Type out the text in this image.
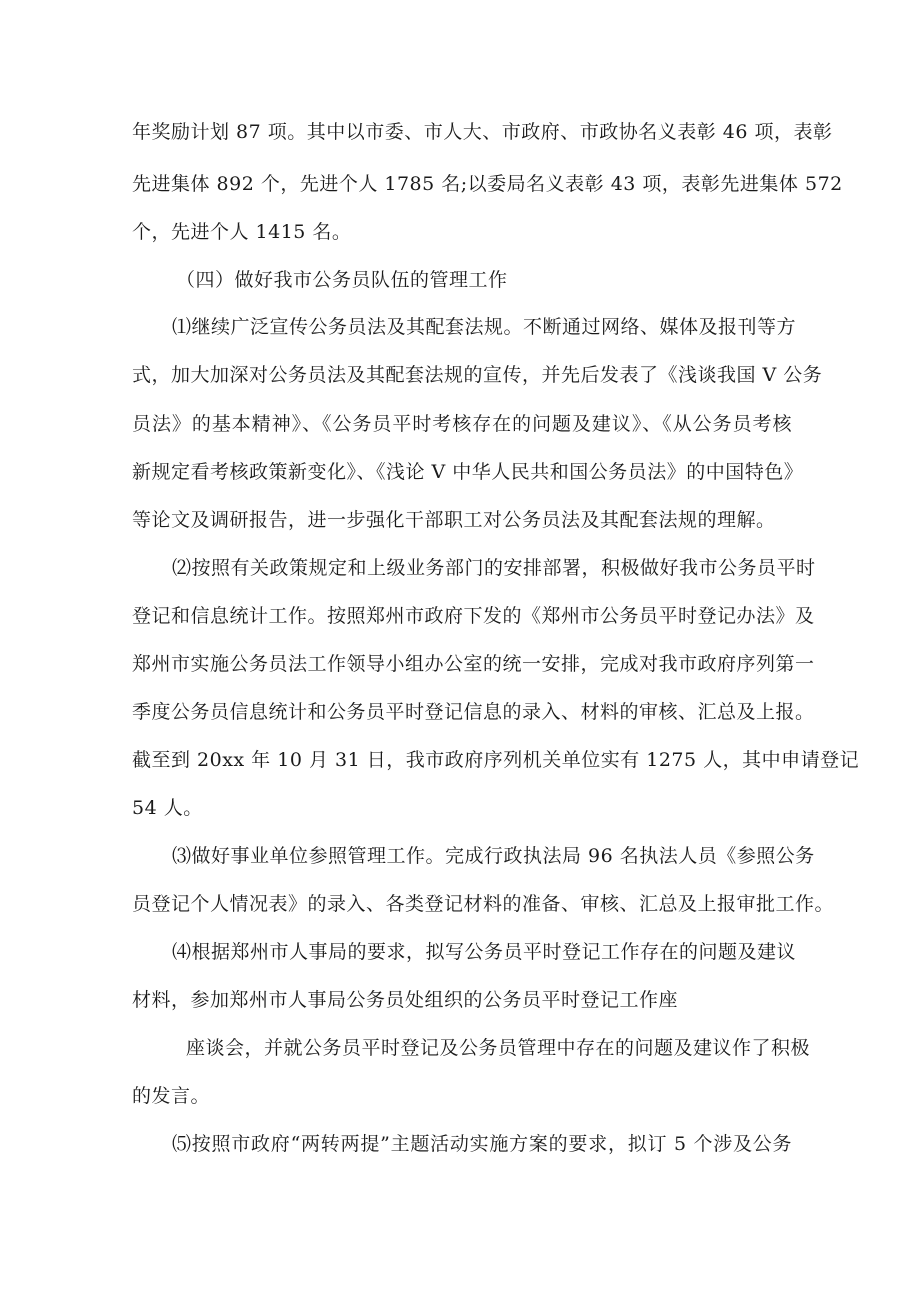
年奖励计划 87 项。其中以市委、市人大、市政府、市政协名义表彰 46 项，表彰
先进集体 892 个，先进个人 1785 名;以委局名义表彰 43 项，表彰先进集体 572
个，先进个人 1415 名。
（四）做好我市公务员队伍的管理工作
⑴继续广泛宣传公务员法及其配套法规。不断通过网络、媒体及报刊等方
式，加大加深对公务员法及其配套法规的宣传，并先后发表了《浅谈我国 V 公务
员法》的基本精神》、《公务员平时考核存在的问题及建议》、《从公务员考核
新规定看考核政策新变化》、《浅论 V 中华人民共和国公务员法》的中国特色》
等论文及调研报告，进一步强化干部职工对公务员法及其配套法规的理解。
⑵按照有关政策规定和上级业务部门的安排部署，积极做好我市公务员平时
登记和信息统计工作。按照郑州市政府下发的《郑州市公务员平时登记办法》及
郑州市实施公务员法工作领导小组办公室的统一安排，完成对我市政府序列第一
季度公务员信息统计和公务员平时登记信息的录入、材料的审核、汇总及上报。
截至到 20xx 年 10 月 31 日，我市政府序列机关单位实有 1275 人，其中申请登记
54 人。
⑶做好事业单位参照管理工作。完成行政执法局 96 名执法人员《参照公务
员登记个人情况表》的录入、各类登记材料的准备、审核、汇总及上报审批工作。
⑷根据郑州市人事局的要求，拟写公务员平时登记工作存在的问题及建议
材料，参加郑州市人事局公务员处组织的公务员平时登记工作座
座谈会，并就公务员平时登记及公务员管理中存在的问题及建议作了积极
的发言。
⑸按照市政府“两转两提”主题活动实施方案的要求，拟订 5 个涉及公务
